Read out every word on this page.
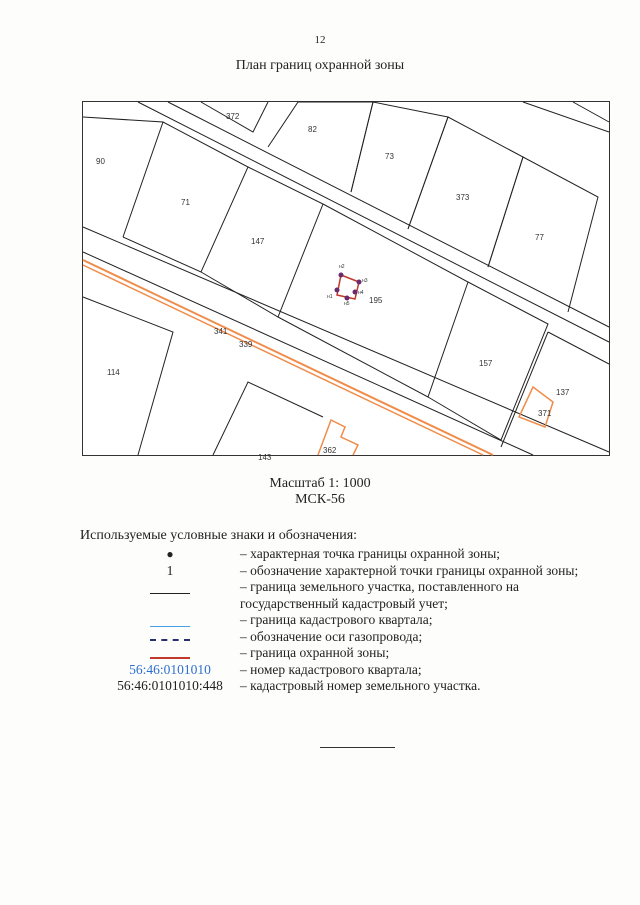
12
План границ охранной зоны
н2
н3
н1
н4
н5
372
82
90
73
71
373
147	77
195
341
339
114
157
137
371
362
143
Масштаб 1: 1000
МСК-56
Используемые условные знаки и обозначения:
●	– характерная точка границы охранной зоны;
1	– обозначение характерной точки границы охранной зоны;
– граница земельного участка, поставленного на государственный кадастровый учет;
– граница кадастрового квартала;
– обозначение оси газопровода;
– граница охранной зоны;
56:46:0101010	– номер кадастрового квартала;
56:46:0101010:448	– кадастровый номер земельного участка.
